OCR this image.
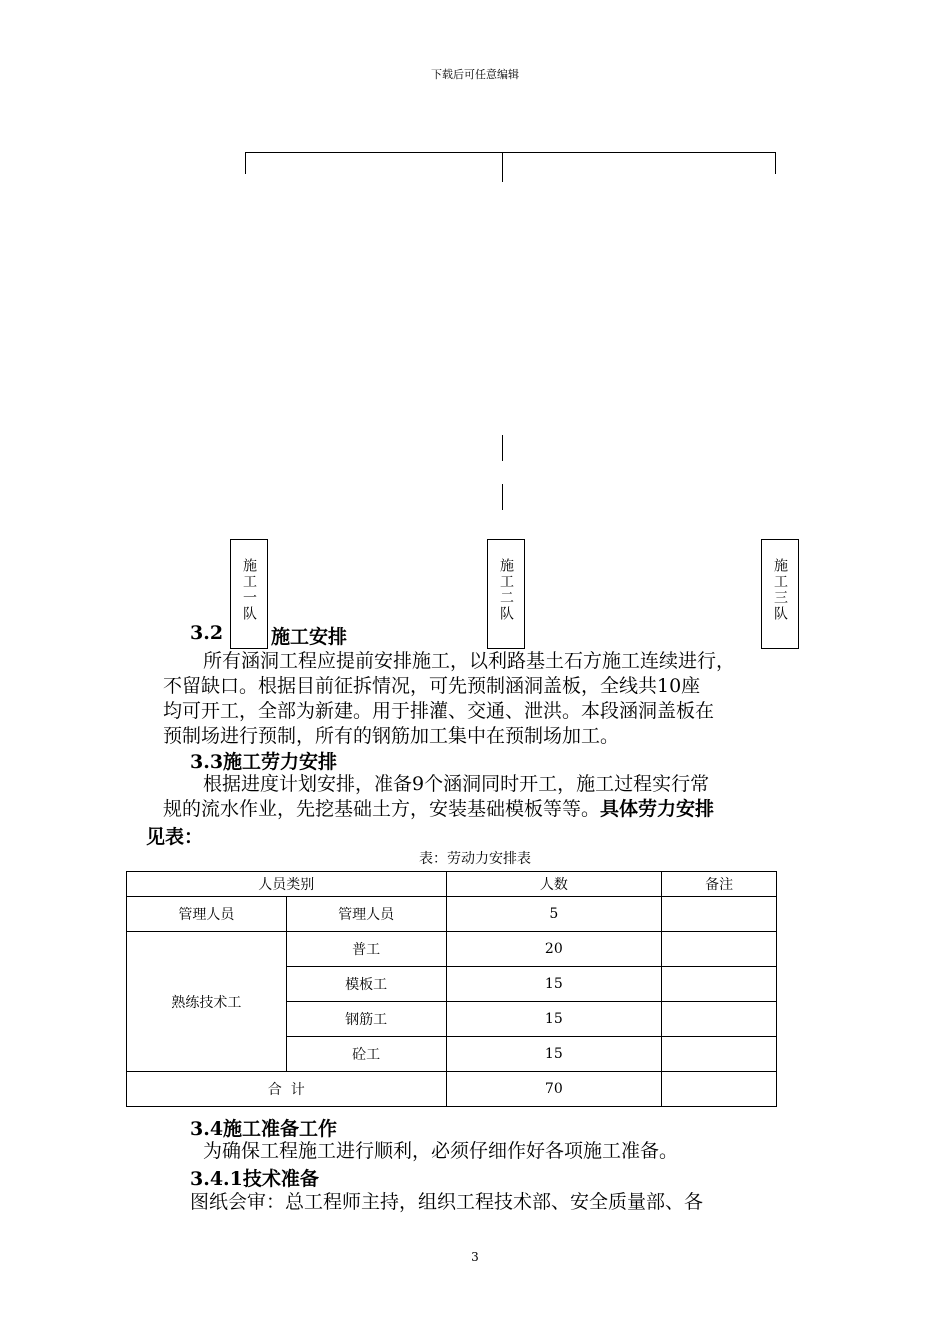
下载后可任意编辑
施工一队	施工二队	施工三队
3.2	施工安排
所有涵洞工程应提前安排施工，以利路基土石方施工连续进行，
不留缺口。根据目前征拆情况，可先预制涵洞盖板，全线共10座
均可开工，全部为新建。用于排灌、交通、泄洪。本段涵洞盖板在
预制场进行预制，所有的钢筋加工集中在预制场加工。
3.3施工劳力安排
根据进度计划安排，准备9个涵洞同时开工，施工过程实行常
规的流水作业，先挖基础土方，安装基础模板等等。具体劳力安排
见表：
表：劳动力安排表
人员类别		人数	备注
管理人员	管理人员	5	
熟练技术工	普工	20	
	模板工	15	
	钢筋工	15	
	砼工	15	
合  计		70	
3.4施工准备工作
为确保工程施工进行顺利，必须仔细作好各项施工准备。
3.4.1技术准备
图纸会审：总工程师主持，组织工程技术部、安全质量部、各
3
